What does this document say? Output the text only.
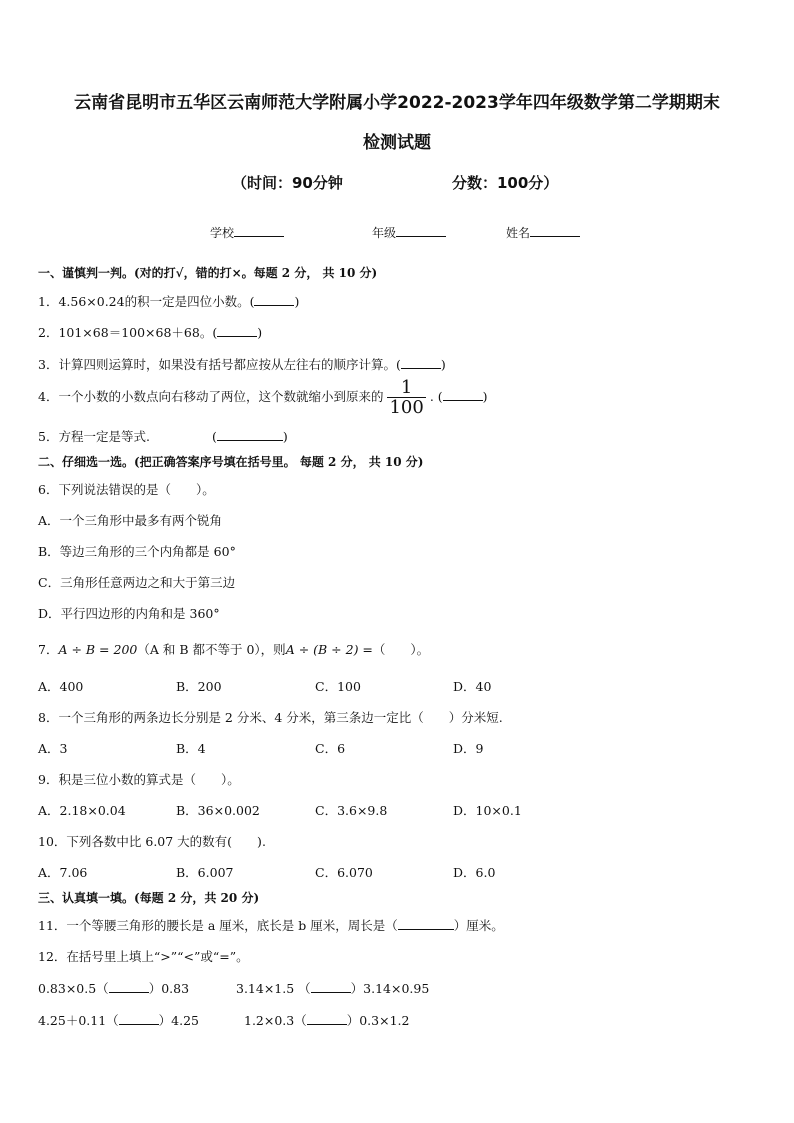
云南省昆明市五华区云南师范大学附属小学2022-2023学年四年级数学第二学期期末
检测试题
（时间：90分钟	分数：100分）
学校	年级	姓名
一、谨慎判一判。(对的打√，错的打×。每题 2 分， 共 10 分)
1．4.56×0.24的积一定是四位小数。(	)
2．101×68＝100×68＋68。(	)
3．计算四则运算时，如果没有括号都应按从左往右的顺序计算。(	)
4．一个小数的小数点向右移动了两位，这个数就缩小到原来的 $\frac{1}{100}$ . (	)
5．方程一定是等式.	(	)
二、仔细选一选。(把正确答案序号填在括号里。 每题 2 分， 共 10 分)
6．下列说法错误的是（　　）。
A．一个三角形中最多有两个锐角
B．等边三角形的三个内角都是 60°
C．三角形任意两边之和大于第三边
D．平行四边形的内角和是 360°
7．A ÷ B = 200（A 和 B 都不等于 0），则A ÷ (B ÷ 2) =（　　）。
A．400	B．200	C．100	D．40
8．一个三角形的两条边长分别是 2 分米、4 分米，第三条边一定比（　　）分米短.
A．3	B．4	C．6	D．9
9．积是三位小数的算式是（　　）。
A．2.18×0.04	B．36×0.002	C．3.6×9.8	D．10×0.1
10．下列各数中比 6.07 大的数有(　　).
A．7.06	B．6.007	C．6.070	D．6.0
三、认真填一填。(每题 2 分，共 20 分)
11．一个等腰三角形的腰长是 a 厘米，底长是 b 厘米，周长是（	）厘米。
12．在括号里上填上“>”“<”或“=”。
0.83×0.5（	）0.83	3.14×1.5 （	）3.14×0.95
4.25＋0.11（	）4.25	1.2×0.3（	）0.3×1.2
